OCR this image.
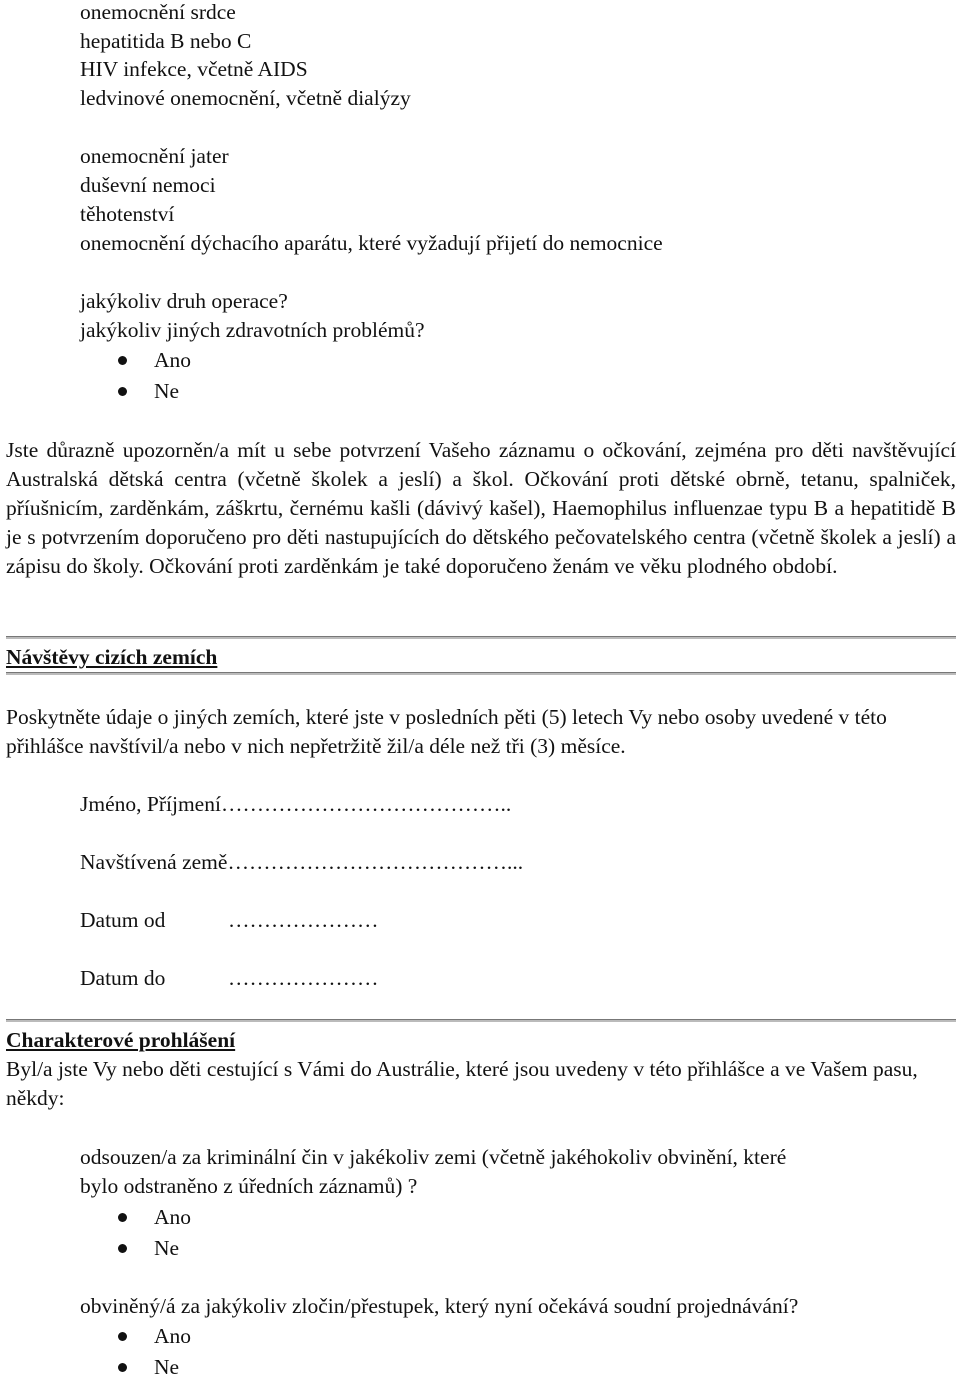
onemocnění srdce
hepatitida B nebo C
HIV infekce, včetně AIDS
ledvinové onemocnění, včetně dialýzy
onemocnění jater
duševní nemoci
těhotenství
onemocnění dýchacího aparátu, které vyžadují přijetí do nemocnice
jakýkoliv druh operace?
jakýkoliv jiných zdravotních problémů?
Ano
Ne
Jste důrazně upozorněn/a mít u sebe potvrzení Vašeho záznamu o očkování, zejména pro děti navštěvující Australská dětská centra (včetně školek a jeslí) a škol. Očkování proti dětské obrně, tetanu, spalniček, příušnicím, zarděnkám, záškrtu, černému kašli (dávivý kašel), Haemophilus influenzae typu B a hepatitidě B je s potvrzením doporučeno pro děti nastupujících do dětského pečovatelského centra (včetně školek a jeslí) a zápisu do školy. Očkování proti zarděnkám je také doporučeno ženám ve věku plodného období.
Návštěvy cizích zemích
Poskytněte údaje o jiných zemích, které jste v posledních pěti (5) letech Vy nebo osoby uvedené v této přihlášce navštívil/a nebo v nich nepřetržitě žil/a déle než tři (3) měsíce.
Jméno, Příjmení…………………………………..
Navštívená země…………………………………...
Datum od	…………………
Datum do	…………………
Charakterové prohlášení
Byl/a jste Vy nebo děti cestující s Vámi do Austrálie, které jsou uvedeny v této přihlášce a ve Vašem pasu, někdy:
odsouzen/a za kriminální čin v jakékoliv zemi (včetně jakéhokoliv obvinění, které
bylo odstraněno z úředních záznamů) ?
Ano
Ne
obviněný/á za jakýkoliv zločin/přestupek, který nyní očekává soudní projednávání?
Ano
Ne
